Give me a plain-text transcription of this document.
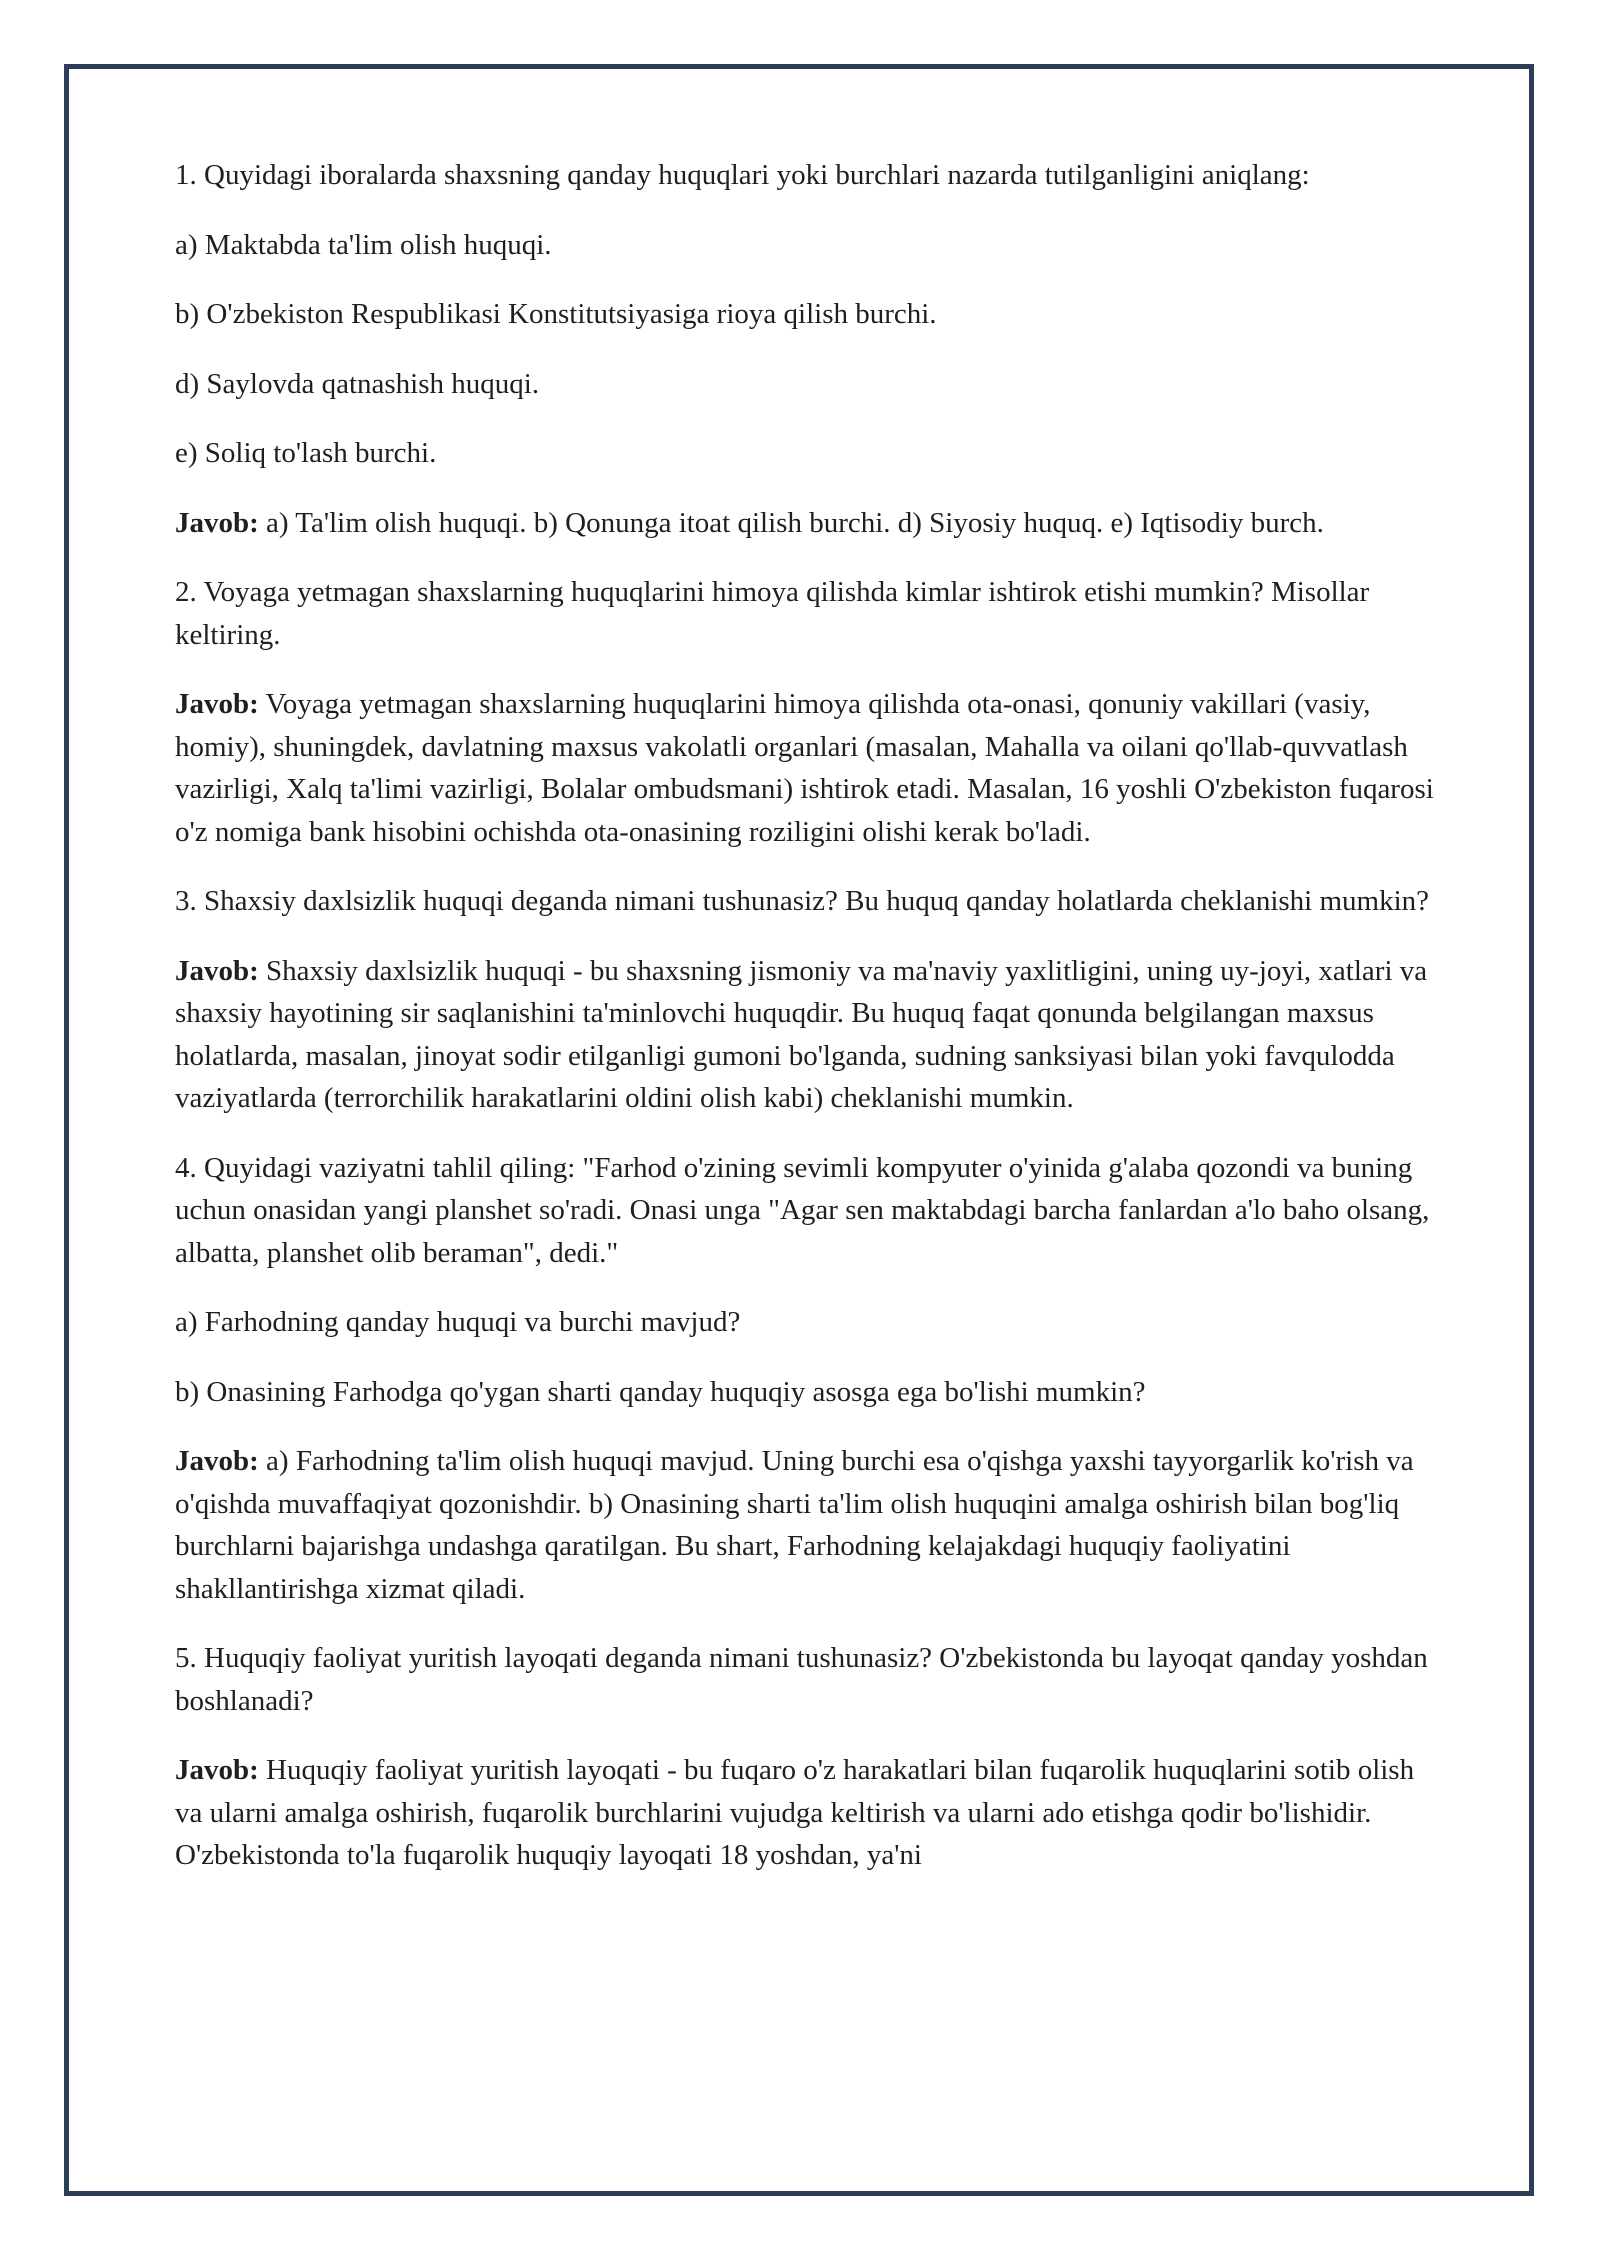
1. Quyidagi iboralarda shaxsning qanday huquqlari yoki burchlari nazarda tutilganligini aniqlang:

a) Maktabda ta'lim olish huquqi.

b) O'zbekiston Respublikasi Konstitutsiyasiga rioya qilish burchi.

d) Saylovda qatnashish huquqi.

e) Soliq to'lash burchi.

Javob: a) Ta'lim olish huquqi. b) Qonunga itoat qilish burchi. d) Siyosiy huquq. e) Iqtisodiy burch.

2. Voyaga yetmagan shaxslarning huquqlarini himoya qilishda kimlar ishtirok etishi mumkin? Misollar keltiring.

Javob: Voyaga yetmagan shaxslarning huquqlarini himoya qilishda ota-onasi, qonuniy vakillari (vasiy, homiy), shuningdek, davlatning maxsus vakolatli organlari (masalan, Mahalla va oilani qo'llab-quvvatlash vazirligi, Xalq ta'limi vazirligi, Bolalar ombudsmani) ishtirok etadi. Masalan, 16 yoshli O'zbekiston fuqarosi o'z nomiga bank hisobini ochishda ota-onasining roziligini olishi kerak bo'ladi.

3. Shaxsiy daxlsizlik huquqi deganda nimani tushunasiz? Bu huquq qanday holatlarda cheklanishi mumkin?

Javob: Shaxsiy daxlsizlik huquqi - bu shaxsning jismoniy va ma'naviy yaxlitligini, uning uy-joyi, xatlari va shaxsiy hayotining sir saqlanishini ta'minlovchi huquqdir. Bu huquq faqat qonunda belgilangan maxsus holatlarda, masalan, jinoyat sodir etilganligi gumoni bo'lganda, sudning sanksiyasi bilan yoki favqulodda vaziyatlarda (terrorchilik harakatlarini oldini olish kabi) cheklanishi mumkin.

4. Quyidagi vaziyatni tahlil qiling: "Farhod o'zining sevimli kompyuter o'yinida g'alaba qozondi va buning uchun onasidan yangi planshet so'radi. Onasi unga "Agar sen maktabdagi barcha fanlardan a'lo baho olsang, albatta, planshet olib beraman", dedi."

a) Farhodning qanday huquqi va burchi mavjud?

b) Onasining Farhodga qo'ygan sharti qanday huquqiy asosga ega bo'lishi mumkin?

Javob: a) Farhodning ta'lim olish huquqi mavjud. Uning burchi esa o'qishga yaxshi tayyorgarlik ko'rish va o'qishda muvaffaqiyat qozonishdir. b) Onasining sharti ta'lim olish huquqini amalga oshirish bilan bog'liq burchlarni bajarishga undashga qaratilgan. Bu shart, Farhodning kelajakdagi huquqiy faoliyatini shakllantirishga xizmat qiladi.

5. Huquqiy faoliyat yuritish layoqati deganda nimani tushunasiz? O'zbekistonda bu layoqat qanday yoshdan boshlanadi?

Javob: Huquqiy faoliyat yuritish layoqati - bu fuqaro o'z harakatlari bilan fuqarolik huquqlarini sotib olish va ularni amalga oshirish, fuqarolik burchlarini vujudga keltirish va ularni ado etishga qodir bo'lishidir. O'zbekistonda to'la fuqarolik huquqiy layoqati 18 yoshdan, ya'ni
